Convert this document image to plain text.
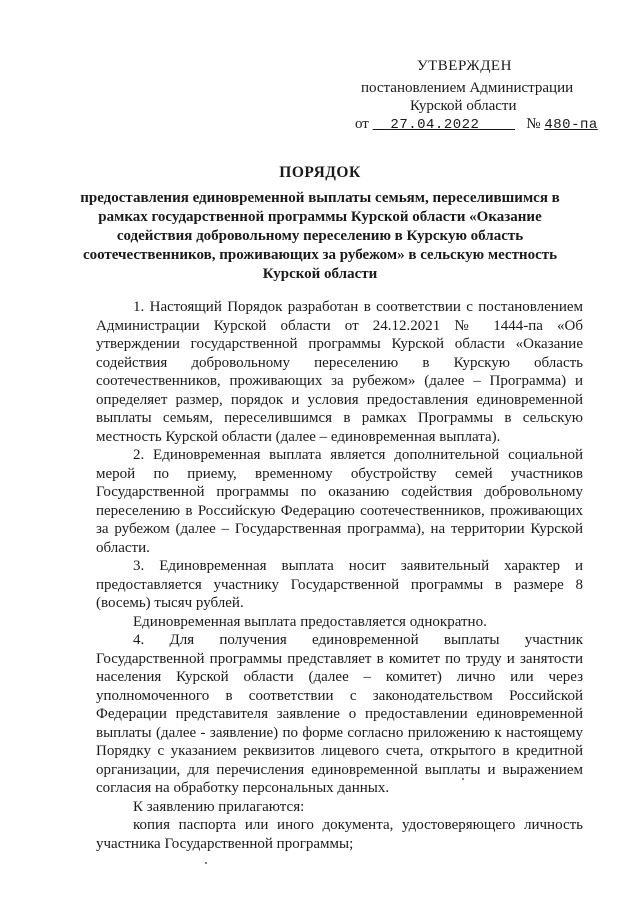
УТВЕРЖДЕН
постановлением Администрации
Курской области
от 27.04.2022	№ 480-па
ПОРЯДОК
предоставления единовременной выплаты семьям, переселившимся в рамках государственной программы Курской области «Оказание содействия добровольному переселению в Курскую область соотечественников, проживающих за рубежом» в сельскую местность Курской области

1. Настоящий Порядок разработан в соответствии с постановлением Администрации Курской области от 24.12.2021 № 1444-па «Об утверждении государственной программы Курской области «Оказание содействия добровольному переселению в Курскую область соотечественников, проживающих за рубежом» (далее – Программа) и определяет размер, порядок и условия предоставления единовременной выплаты семьям, переселившимся в рамках Программы в сельскую местность Курской области (далее – единовременная выплата).

2. Единовременная выплата является дополнительной социальной мерой по приему, временному обустройству семей участников Государственной программы по оказанию содействия добровольному переселению в Российскую Федерацию соотечественников, проживающих за рубежом (далее – Государственная программа), на территории Курской области.

3. Единовременная выплата носит заявительный характер и предоставляется участнику Государственной программы в размере 8 (восемь) тысяч рублей.

Единовременная выплата предоставляется однократно.

4. Для получения единовременной выплаты участник Государственной программы представляет в комитет по труду и занятости населения Курской области (далее – комитет) лично или через уполномоченного в соответствии с законодательством Российской Федерации представителя заявление о предоставлении единовременной выплаты (далее - заявление) по форме согласно приложению к настоящему Порядку с указанием реквизитов лицевого счета, открытого в кредитной организации, для перечисления единовременной выплаты и выражением согласия на обработку персональных данных.

К заявлению прилагаются:

копия паспорта или иного документа, удостоверяющего личность участника Государственной программы;
